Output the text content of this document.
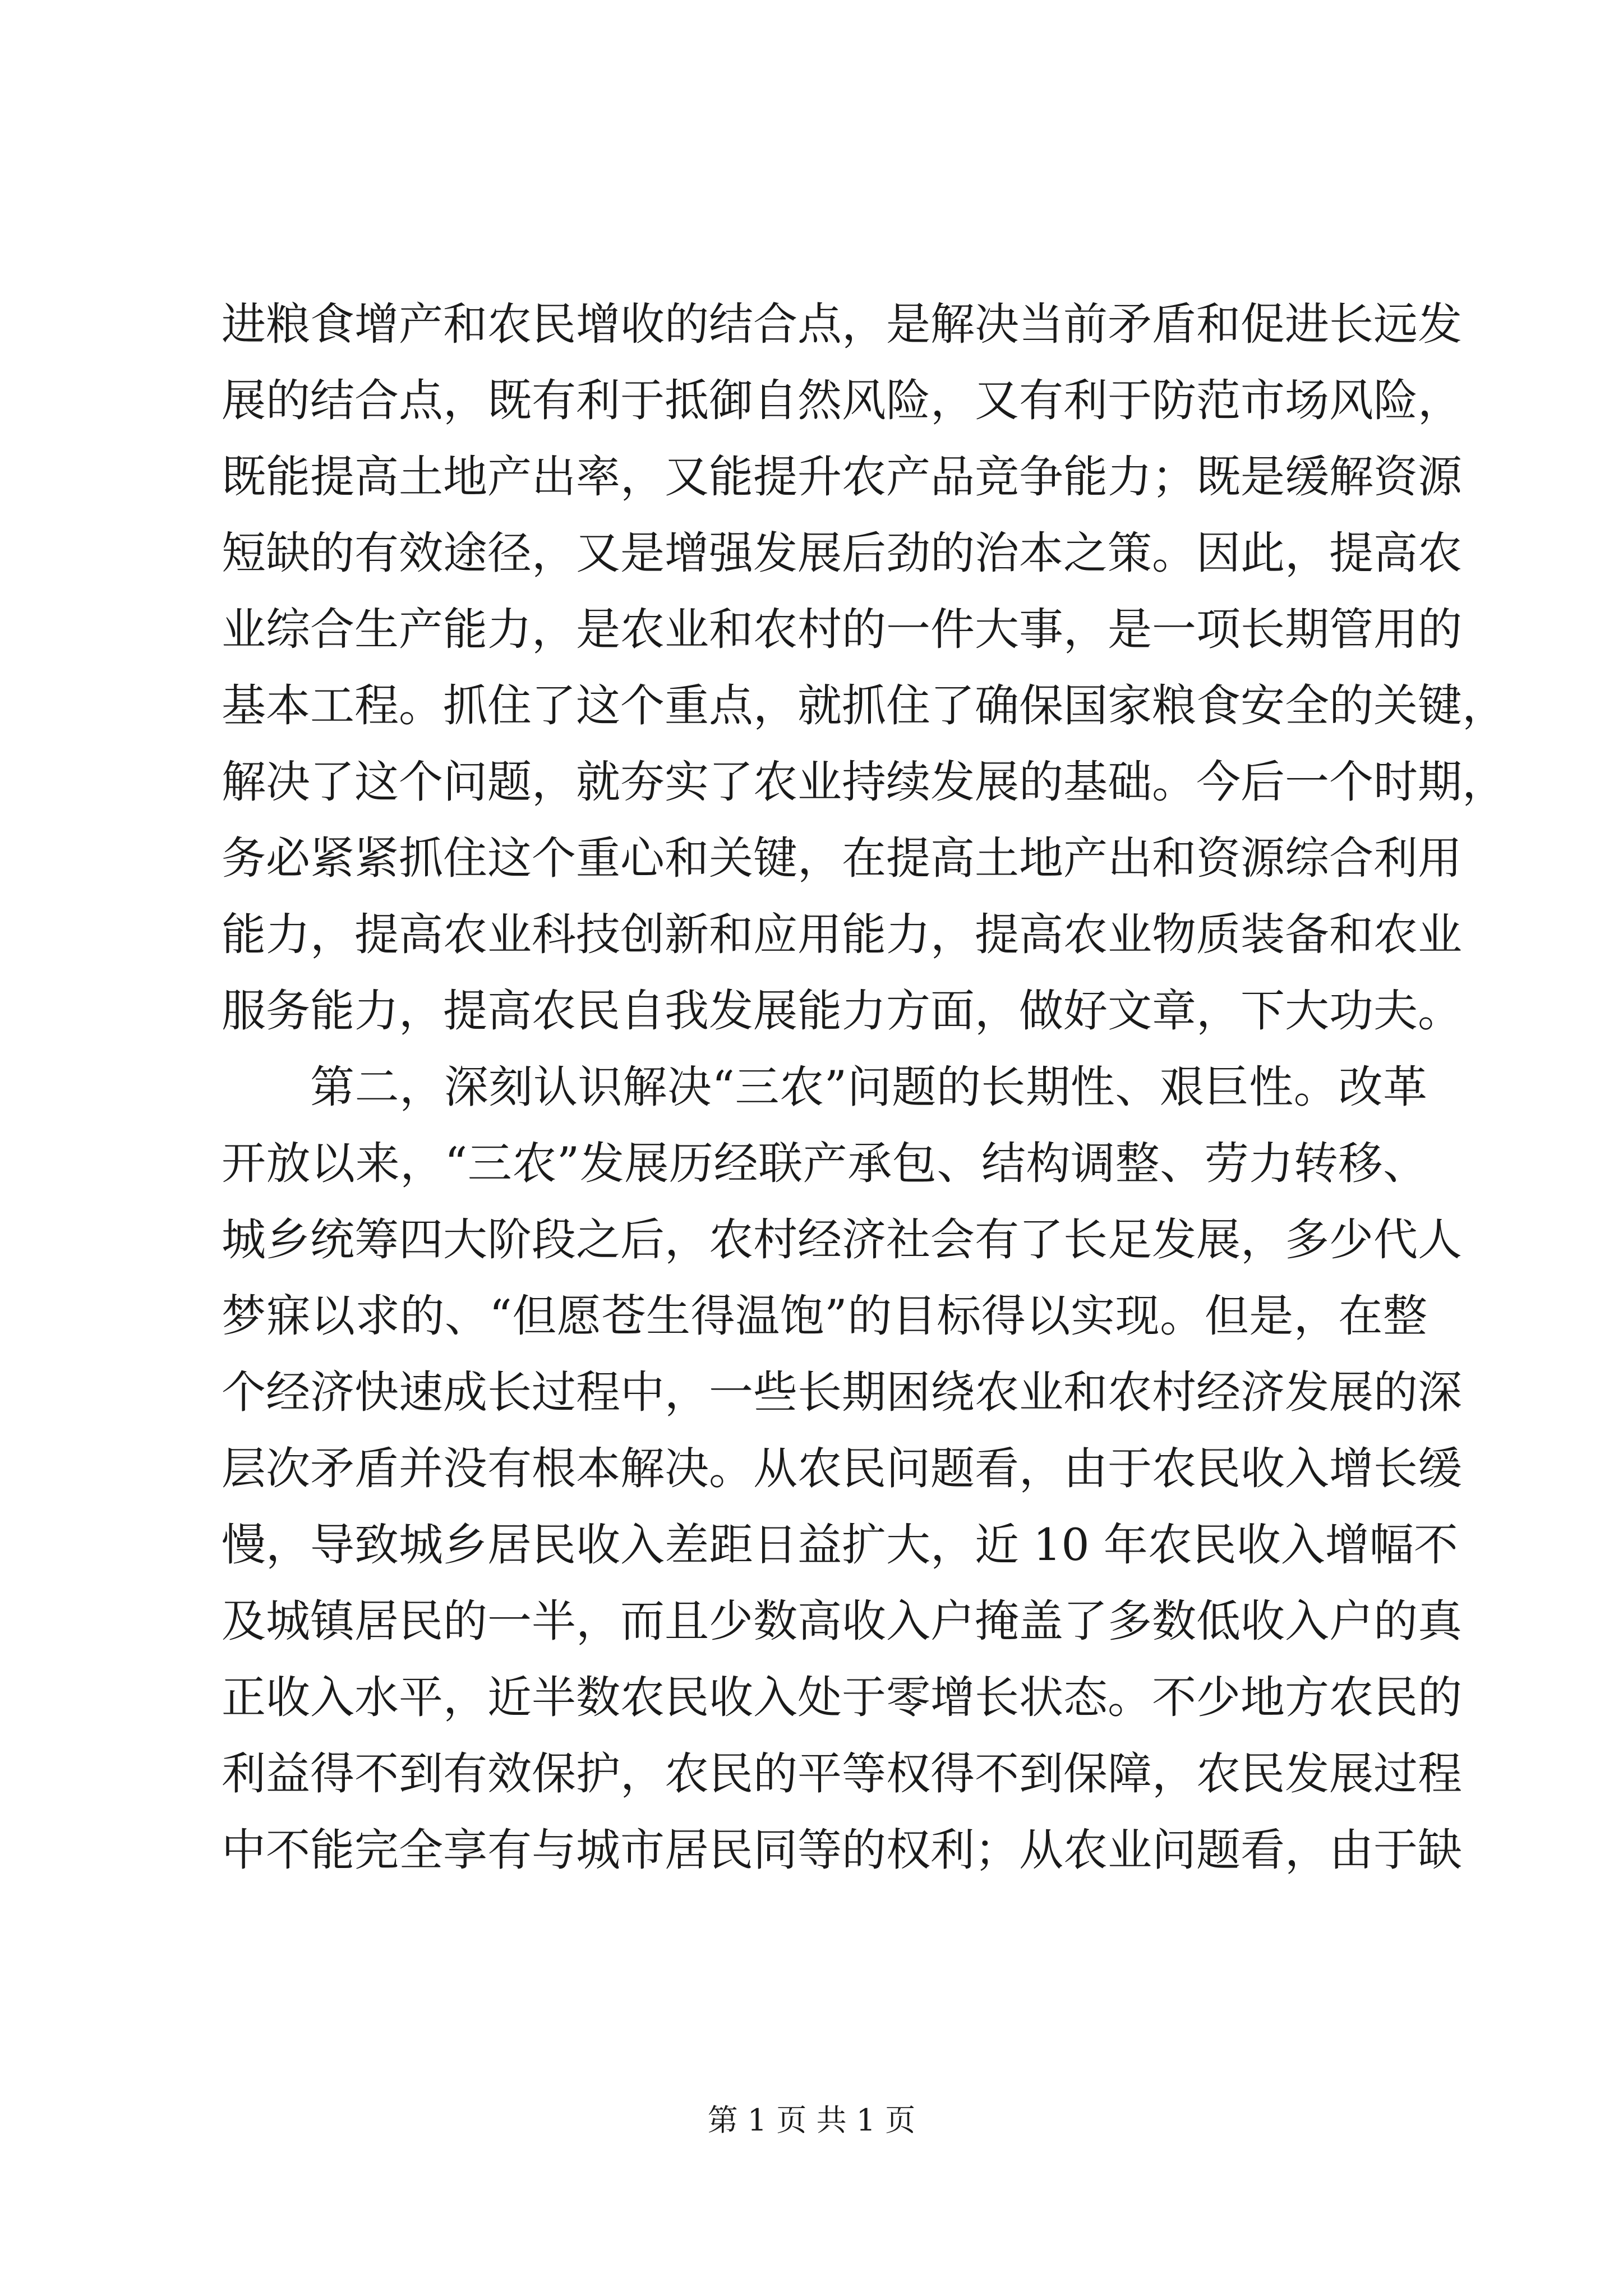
进粮食增产和农民增收的结合点，是解决当前矛盾和促进长远发
展的结合点，既有利于抵御自然风险，又有利于防范市场风险，
既能提高土地产出率，又能提升农产品竞争能力；既是缓解资源
短缺的有效途径，又是增强发展后劲的治本之策。因此，提高农
业综合生产能力，是农业和农村的一件大事，是一项长期管用的
基本工程。抓住了这个重点，就抓住了确保国家粮食安全的关键，
解决了这个问题，就夯实了农业持续发展的基础。今后一个时期，
务必紧紧抓住这个重心和关键，在提高土地产出和资源综合利用
能力，提高农业科技创新和应用能力，提高农业物质装备和农业
服务能力，提高农民自我发展能力方面，做好文章，下大功夫。
第二，深刻认识解决“三农”问题的长期性、艰巨性。改革
开放以来，“三农”发展历经联产承包、结构调整、劳力转移、
城乡统筹四大阶段之后，农村经济社会有了长足发展，多少代人
梦寐以求的、“但愿苍生得温饱”的目标得以实现。但是，在整
个经济快速成长过程中，一些长期困绕农业和农村经济发展的深
层次矛盾并没有根本解决。从农民问题看，由于农民收入增长缓
慢，导致城乡居民收入差距日益扩大，近 10 年农民收入增幅不
及城镇居民的一半，而且少数高收入户掩盖了多数低收入户的真
正收入水平，近半数农民收入处于零增长状态。不少地方农民的
利益得不到有效保护，农民的平等权得不到保障，农民发展过程
中不能完全享有与城市居民同等的权利；从农业问题看，由于缺
第 1 页 共 1 页
